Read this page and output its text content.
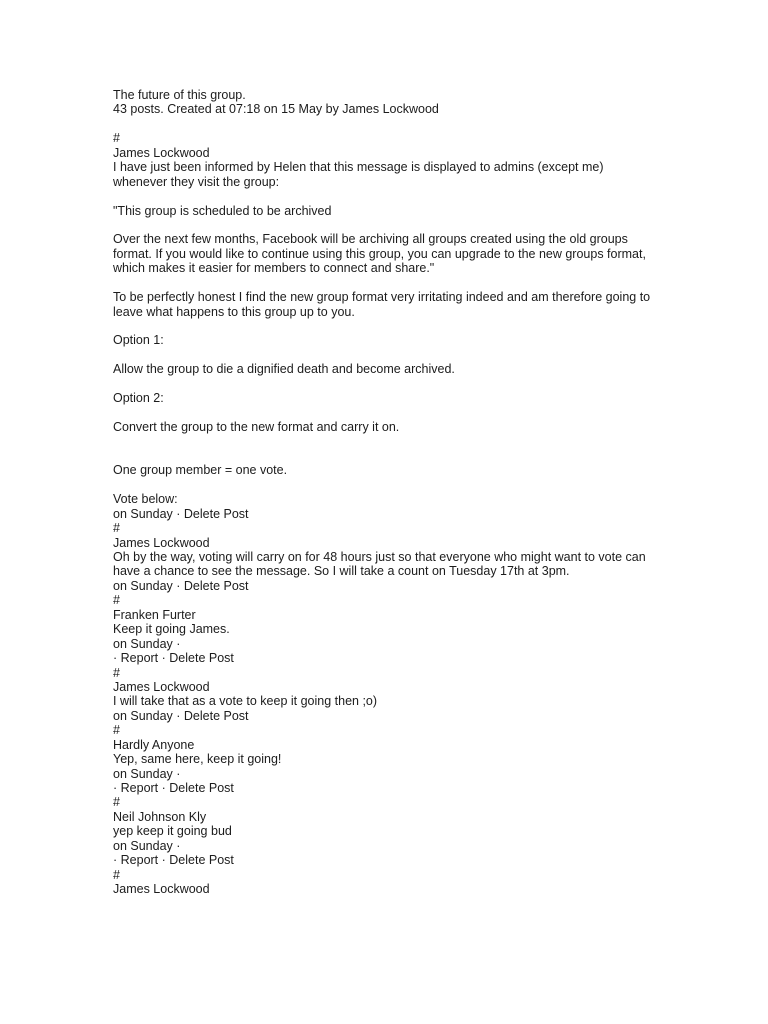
The future of this group.

43 posts. Created at 07:18 on 15 May by James Lockwood

#

James Lockwood

I have just been informed by Helen that this message is displayed to admins (except me)

whenever they visit the group:

"This group is scheduled to be archived

Over the next few months, Facebook will be archiving all groups created using the old groups

format. If you would like to continue using this group, you can upgrade to the new groups format,

which makes it easier for members to connect and share."

To be perfectly honest I find the new group format very irritating indeed and am therefore going to

leave what happens to this group up to you.

Option 1:

Allow the group to die a dignified death and become archived.

Option 2:

Convert the group to the new format and carry it on.

One group member = one vote.

Vote below:

on Sunday · Delete Post

#

James Lockwood

Oh by the way, voting will carry on for 48 hours just so that everyone who might want to vote can

have a chance to see the message. So I will take a count on Tuesday 17th at 3pm.

on Sunday · Delete Post

#

Franken Furter

Keep it going James.

on Sunday ·

· Report · Delete Post

#

James Lockwood

I will take that as a vote to keep it going then ;o)

on Sunday · Delete Post

#

Hardly Anyone

Yep, same here, keep it going!

on Sunday ·

· Report · Delete Post

#

Neil Johnson Kly

yep keep it going bud

on Sunday ·

· Report · Delete Post

#

James Lockwood
